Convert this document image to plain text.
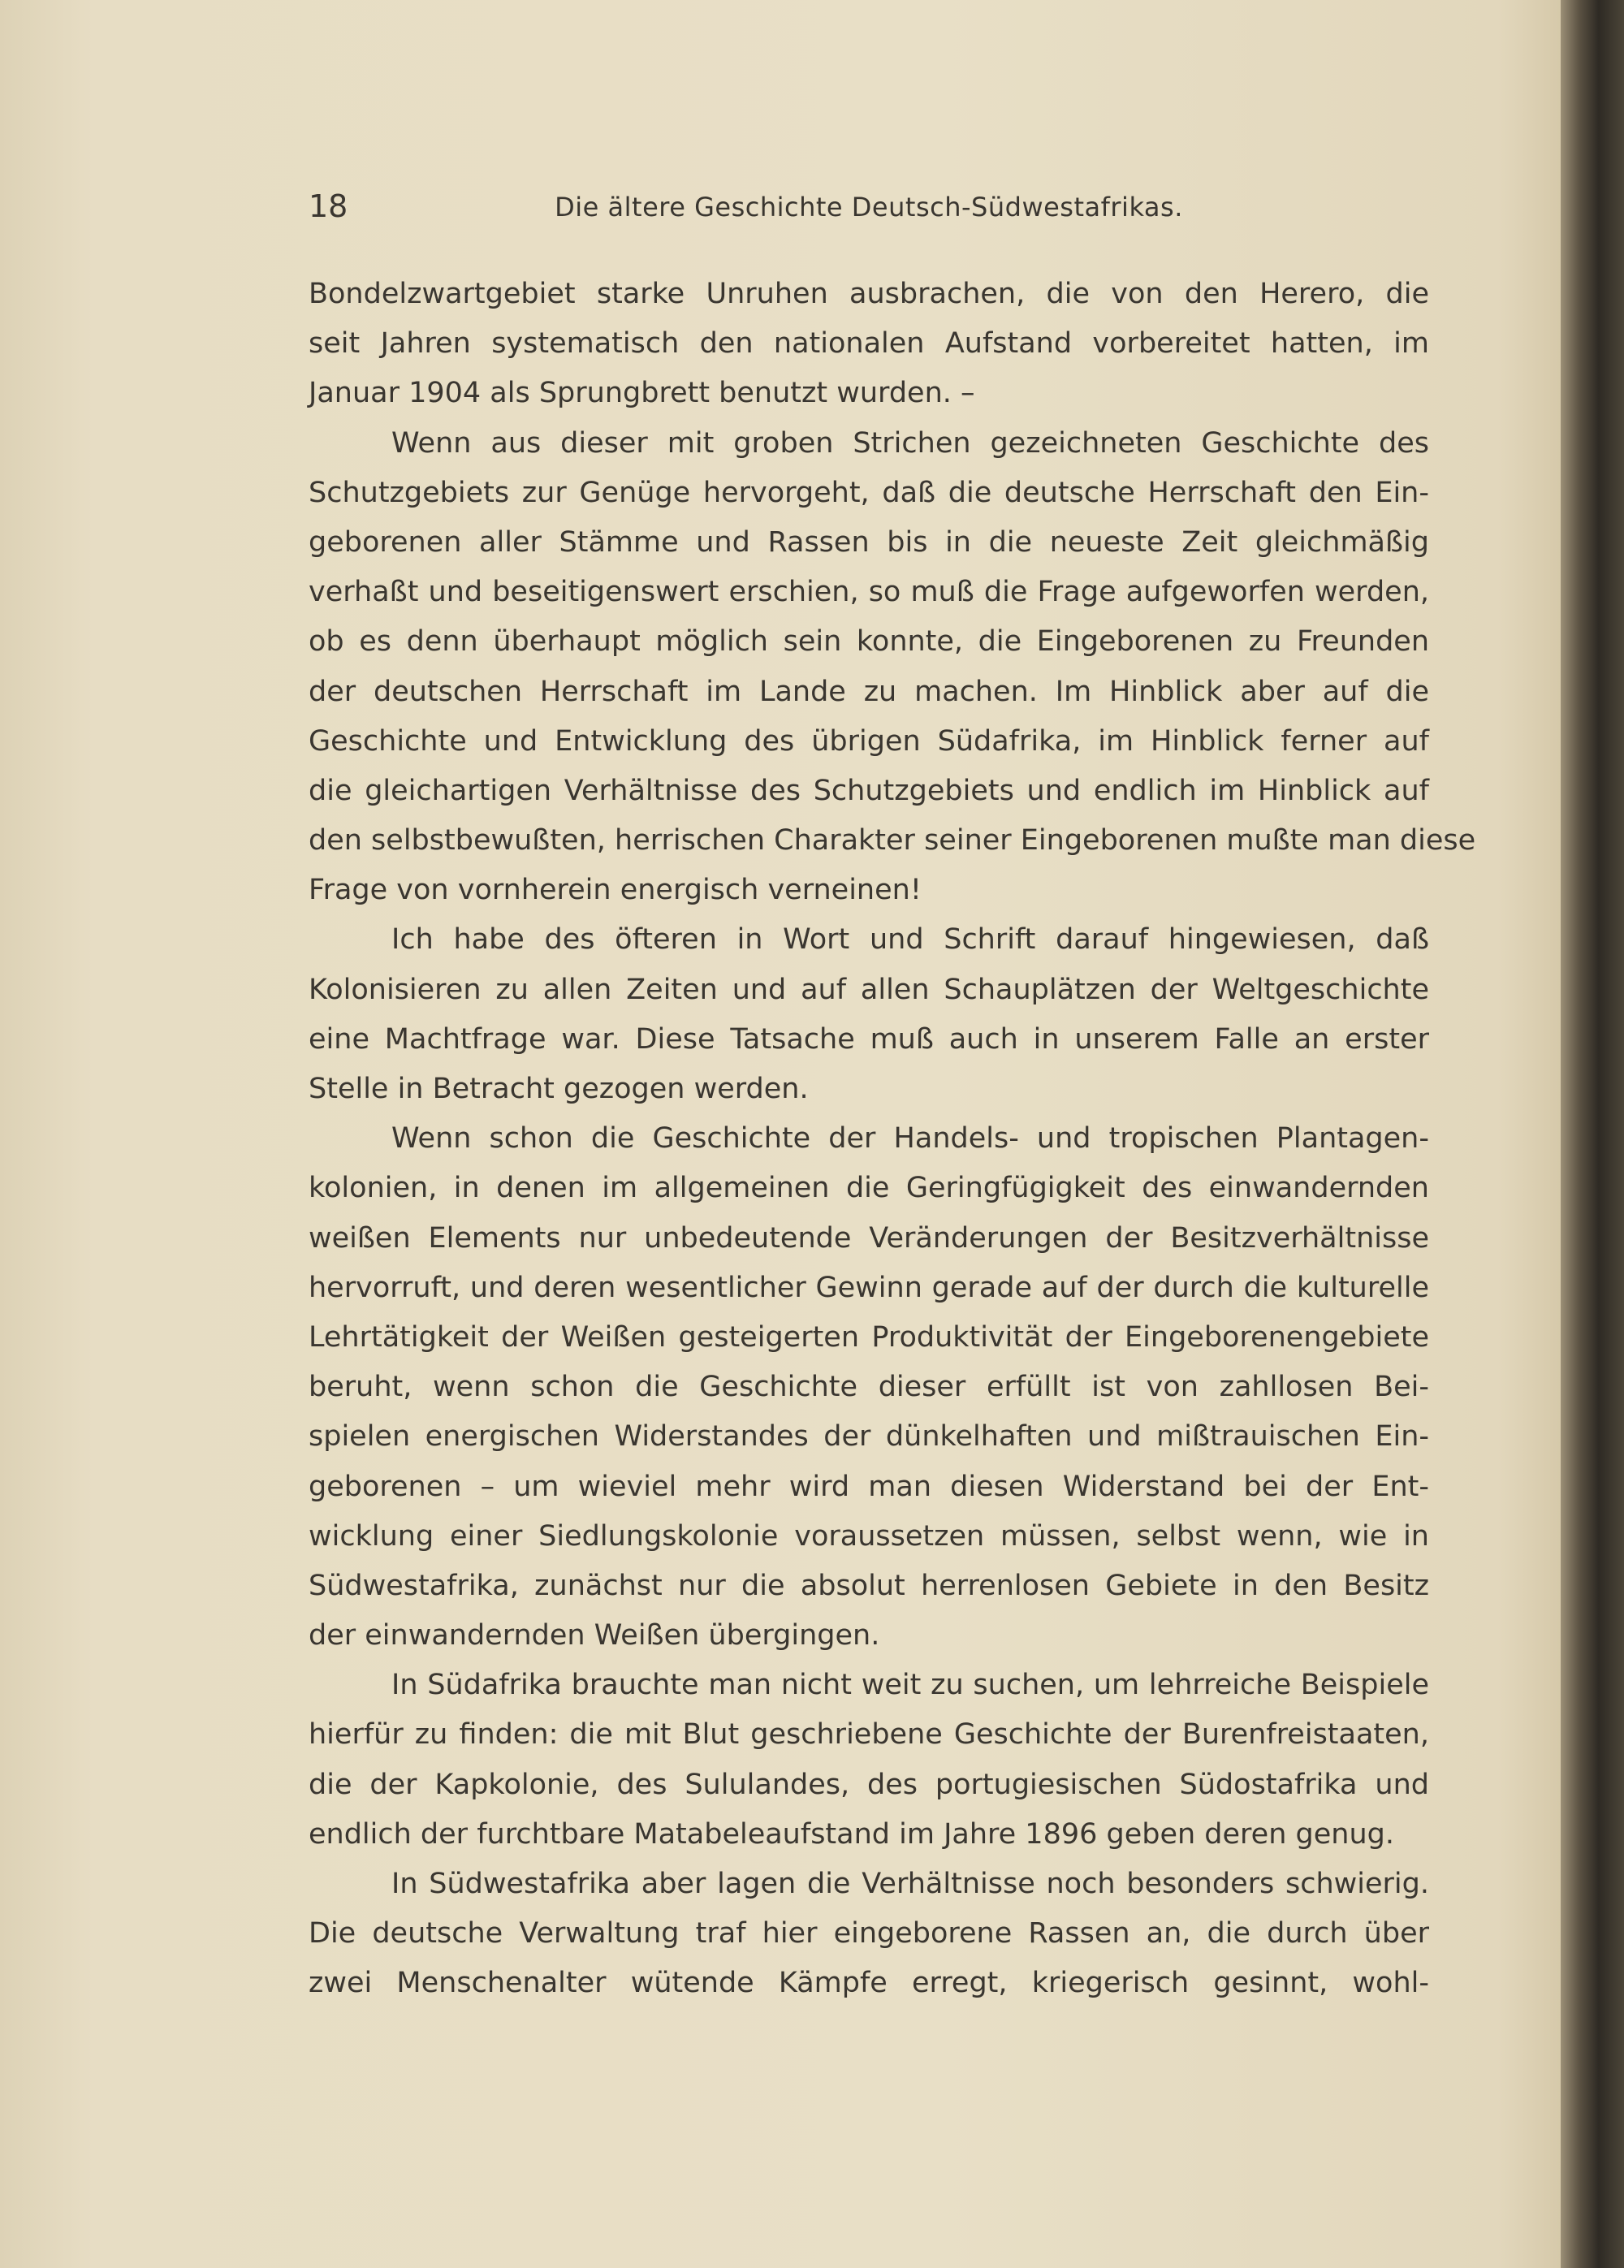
18	Die ältere Geschichte Deutsch-Südwestafrikas.
Bondelzwartgebiet starke Unruhen ausbrachen, die von den Herero, die
seit Jahren systematisch den nationalen Aufstand vorbereitet hatten, im
Januar 1904 als Sprungbrett benutzt wurden. –
Wenn aus dieser mit groben Strichen gezeichneten Geschichte des
Schutzgebiets zur Genüge hervorgeht, daß die deutsche Herrschaft den Ein-
geborenen aller Stämme und Rassen bis in die neueste Zeit gleichmäßig
verhaßt und beseitigenswert erschien, so muß die Frage aufgeworfen werden,
ob es denn überhaupt möglich sein konnte, die Eingeborenen zu Freunden
der deutschen Herrschaft im Lande zu machen. Im Hinblick aber auf die
Geschichte und Entwicklung des übrigen Südafrika, im Hinblick ferner auf
die gleichartigen Verhältnisse des Schutzgebiets und endlich im Hinblick auf
den selbstbewußten, herrischen Charakter seiner Eingeborenen mußte man diese
Frage von vornherein energisch verneinen!
Ich habe des öfteren in Wort und Schrift darauf hingewiesen, daß
Kolonisieren zu allen Zeiten und auf allen Schauplätzen der Weltgeschichte
eine Machtfrage war. Diese Tatsache muß auch in unserem Falle an erster
Stelle in Betracht gezogen werden.
Wenn schon die Geschichte der Handels- und tropischen Plantagen-
kolonien, in denen im allgemeinen die Geringfügigkeit des einwandernden
weißen Elements nur unbedeutende Veränderungen der Besitzverhältnisse
hervorruft, und deren wesentlicher Gewinn gerade auf der durch die kulturelle
Lehrtätigkeit der Weißen gesteigerten Produktivität der Eingeborenengebiete
beruht, wenn schon die Geschichte dieser erfüllt ist von zahllosen Bei-
spielen energischen Widerstandes der dünkelhaften und mißtrauischen Ein-
geborenen – um wieviel mehr wird man diesen Widerstand bei der Ent-
wicklung einer Siedlungskolonie voraussetzen müssen, selbst wenn, wie in
Südwestafrika, zunächst nur die absolut herrenlosen Gebiete in den Besitz
der einwandernden Weißen übergingen.
In Südafrika brauchte man nicht weit zu suchen, um lehrreiche Beispiele
hierfür zu finden: die mit Blut geschriebene Geschichte der Burenfreistaaten,
die der Kapkolonie, des Sululandes, des portugiesischen Südostafrika und
endlich der furchtbare Matabeleaufstand im Jahre 1896 geben deren genug.
In Südwestafrika aber lagen die Verhältnisse noch besonders schwierig.
Die deutsche Verwaltung traf hier eingeborene Rassen an, die durch über
zwei Menschenalter wütende Kämpfe erregt, kriegerisch gesinnt, wohl-
